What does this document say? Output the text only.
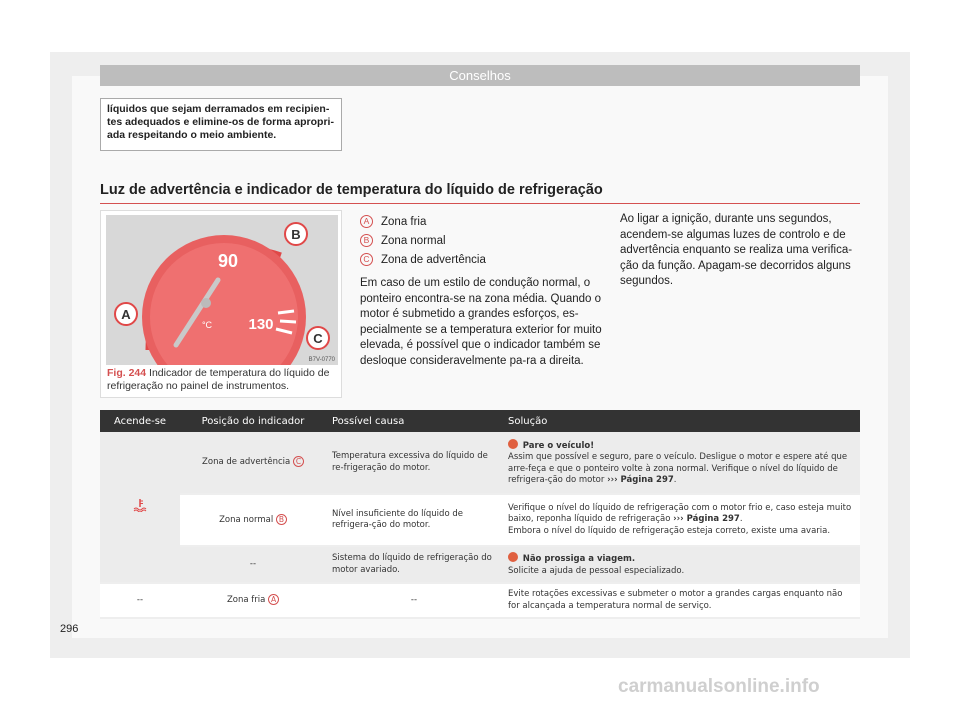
Conselhos
líquidos que sejam derramados em recipien-tes adequados e elimine-os de forma apropri-ada respeitando o meio ambiente.
Luz de advertência e indicador de temperatura do líquido de refrigeração
A
B
C
90
130
°C
B7V-0770
Fig. 244 Indicador de temperatura do líquido de refrigeração no painel de instrumentos.
A	Zona fria
B	Zona normal
C Zona de advertência
Em caso de um estilo de condução normal, o ponteiro encontra-se na zona média. Quando o motor é submetido a grandes esforços, es-pecialmente se a temperatura exterior for muito elevada, é possível que o indicador também se desloque consideravelmente pa-ra a direita.
Ao ligar a ignição, durante uns segundos, acendem-se algumas luzes de controlo e de advertência enquanto se realiza uma verifica-ção da função. Apagam-se decorridos alguns segundos.
Acende-se	Posição do indicador	Possível causa	Solução
	Zona de advertência C	Temperatura excessiva do líquido de re-frigeração do motor.	Pare o veículo!
Assim que possível e seguro, pare o veículo. Desligue o motor e espere até que arre-feça e que o ponteiro volte à zona normal. Verifique o nível do líquido de refrigera-ção do motor ››› Página 297.
	Zona normal B	Nível insuficiente do líquido de refrigera-ção do motor.	Verifique o nível do líquido de refrigeração com o motor frio e, caso esteja muito baixo, reponha líquido de refrigeração ››› Página 297.
Embora o nível do líquido de refrigeração esteja correto, existe uma avaria.
	--	Sistema do líquido de refrigeração do motor avariado.	Não prossiga a viagem.
Solicite a ajuda de pessoal especializado.
--	Zona fria A	--	Evite rotações excessivas e submeter o motor a grandes cargas enquanto não for alcançada a temperatura normal de serviço.
296
carmanualsonline.info
